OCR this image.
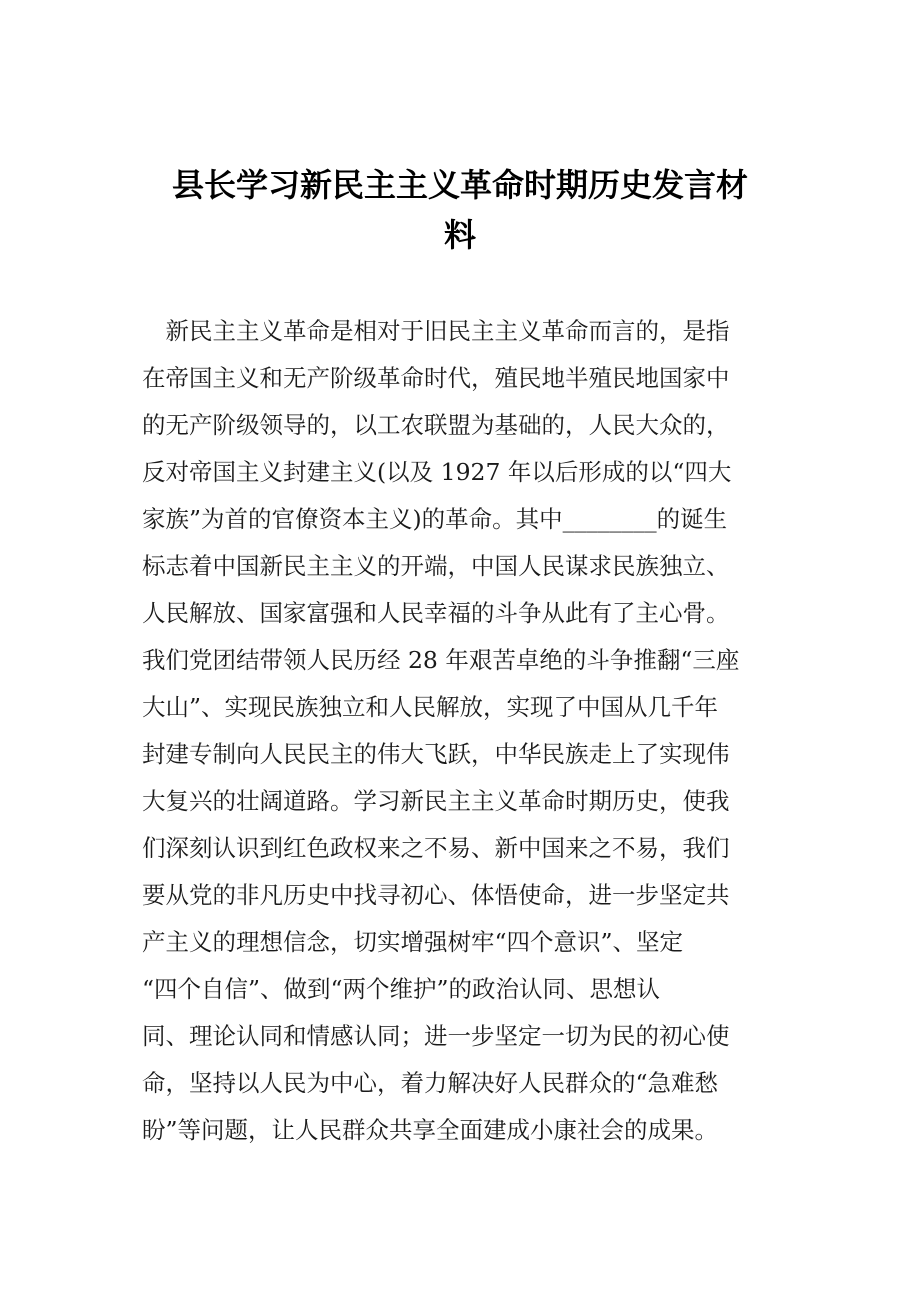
县长学习新民主主义革命时期历史发言材
料

　新民主主义革命是相对于旧民主主义革命而言的，是指

在帝国主义和无产阶级革命时代，殖民地半殖民地国家中

的无产阶级领导的，以工农联盟为基础的，人民大众的，

反对帝国主义封建主义(以及 1927 年以后形成的以“四大

家族”为首的官僚资本主义)的革命。其中________的诞生

标志着中国新民主主义的开端，中国人民谋求民族独立、

人民解放、国家富强和人民幸福的斗争从此有了主心骨。

我们党团结带领人民历经 28 年艰苦卓绝的斗争推翻“三座

大山”、实现民族独立和人民解放，实现了中国从几千年

封建专制向人民民主的伟大飞跃，中华民族走上了实现伟

大复兴的壮阔道路。学习新民主主义革命时期历史，使我

们深刻认识到红色政权来之不易、新中国来之不易，我们

要从党的非凡历史中找寻初心、体悟使命，进一步坚定共

产主义的理想信念，切实增强树牢“四个意识”、坚定

“四个自信”、做到“两个维护”的政治认同、思想认

同、理论认同和情感认同；进一步坚定一切为民的初心使

命，坚持以人民为中心，着力解决好人民群众的“急难愁

盼”等问题，让人民群众共享全面建成小康社会的成果。
